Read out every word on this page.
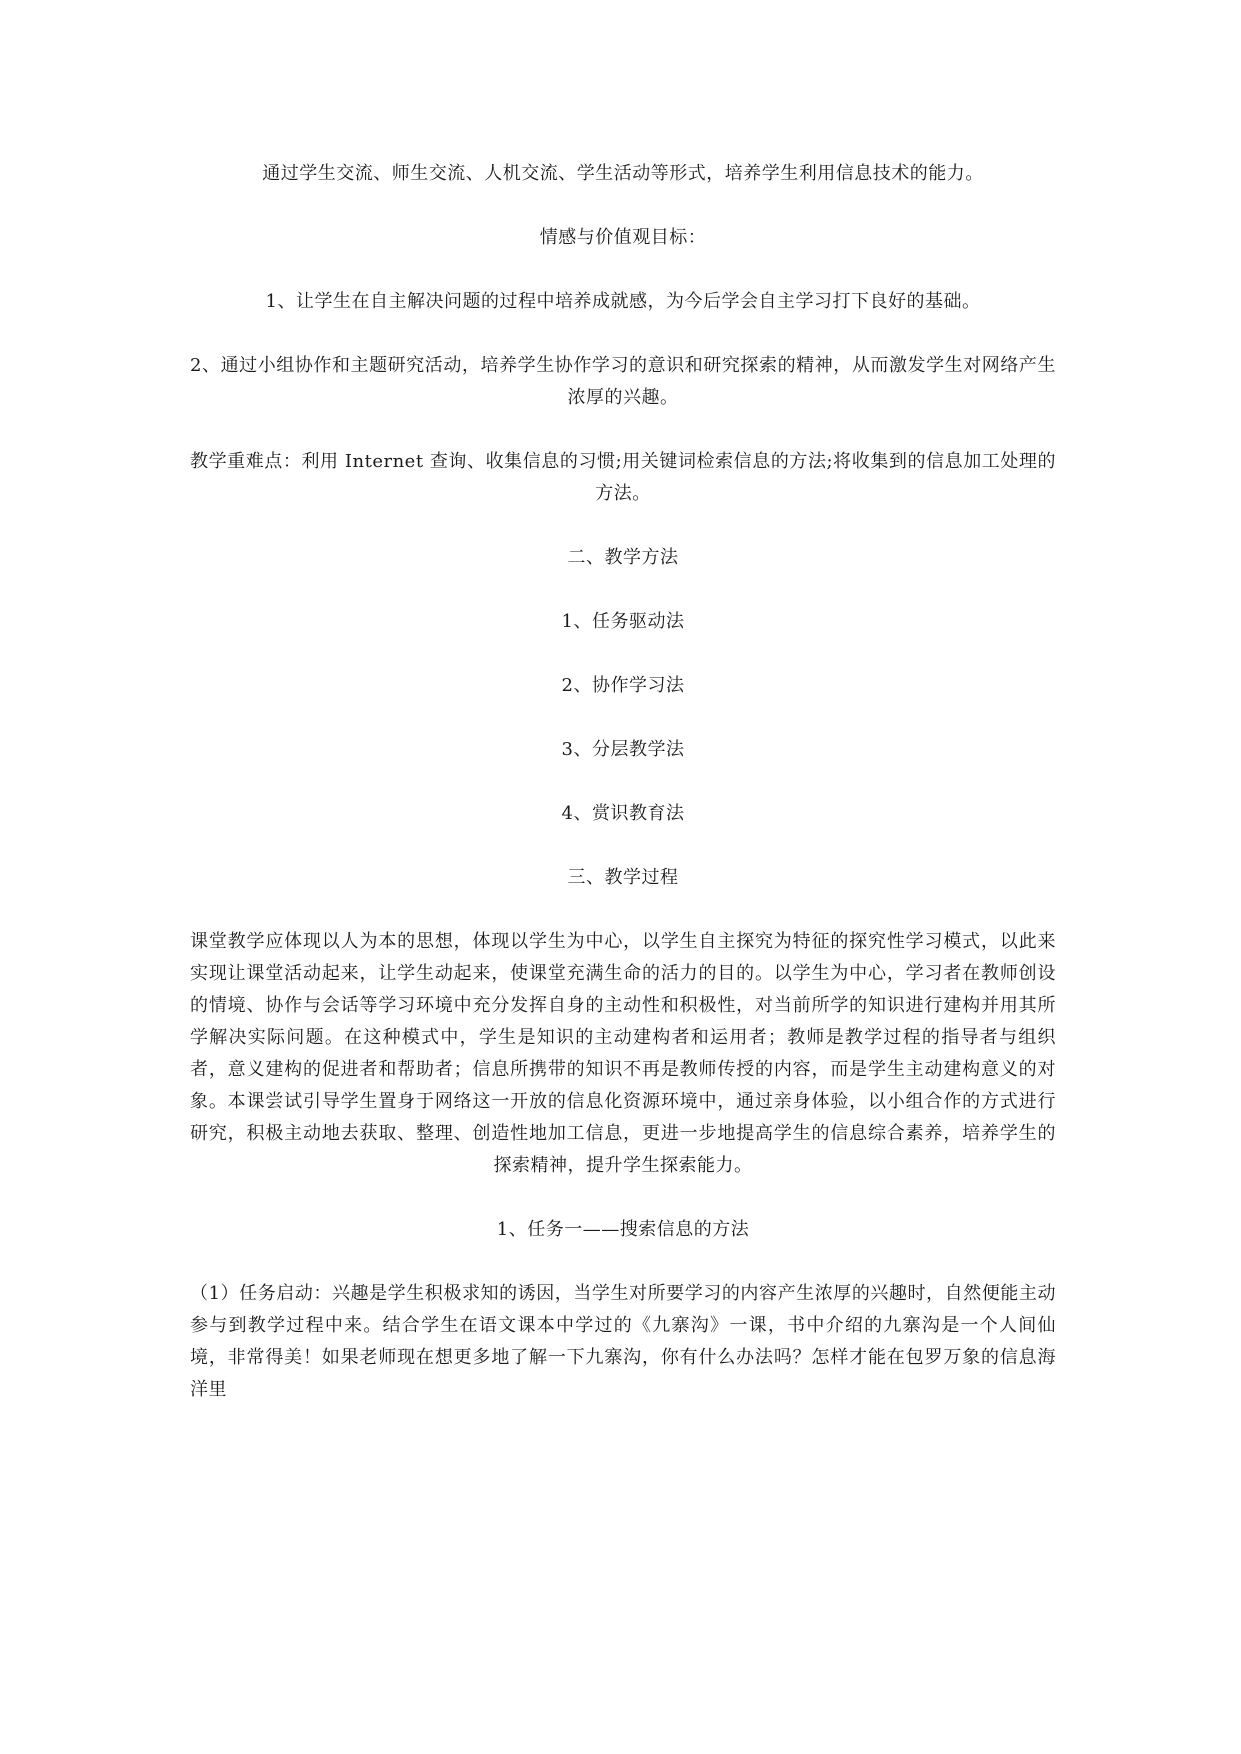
通过学生交流、师生交流、人机交流、学生活动等形式，培养学生利用信息技术的能力。

情感与价值观目标：

1、让学生在自主解决问题的过程中培养成就感，为今后学会自主学习打下良好的基础。

2、通过小组协作和主题研究活动，培养学生协作学习的意识和研究探索的精神，从而激发学生对网络产生浓厚的兴趣。

教学重难点：利用 Internet 查询、收集信息的习惯;用关键词检索信息的方法;将收集到的信息加工处理的方法。

二、教学方法

1、任务驱动法

2、协作学习法

3、分层教学法

4、赏识教育法

三、教学过程

课堂教学应体现以人为本的思想，体现以学生为中心，以学生自主探究为特征的探究性学习模式，以此来实现让课堂活动起来，让学生动起来，使课堂充满生命的活力的目的。以学生为中心，学习者在教师创设的情境、协作与会话等学习环境中充分发挥自身的主动性和积极性，对当前所学的知识进行建构并用其所学解决实际问题。在这种模式中，学生是知识的主动建构者和运用者；教师是教学过程的指导者与组织者，意义建构的促进者和帮助者；信息所携带的知识不再是教师传授的内容，而是学生主动建构意义的对象。本课尝试引导学生置身于网络这一开放的信息化资源环境中，通过亲身体验，以小组合作的方式进行研究，积极主动地去获取、整理、创造性地加工信息，更进一步地提高学生的信息综合素养，培养学生的探索精神，提升学生探索能力。

1、任务一——搜索信息的方法

（1）任务启动：兴趣是学生积极求知的诱因，当学生对所要学习的内容产生浓厚的兴趣时，自然便能主动参与到教学过程中来。结合学生在语文课本中学过的《九寨沟》一课，书中介绍的九寨沟是一个人间仙境，非常得美！如果老师现在想更多地了解一下九寨沟，你有什么办法吗？怎样才能在包罗万象的信息海洋里
